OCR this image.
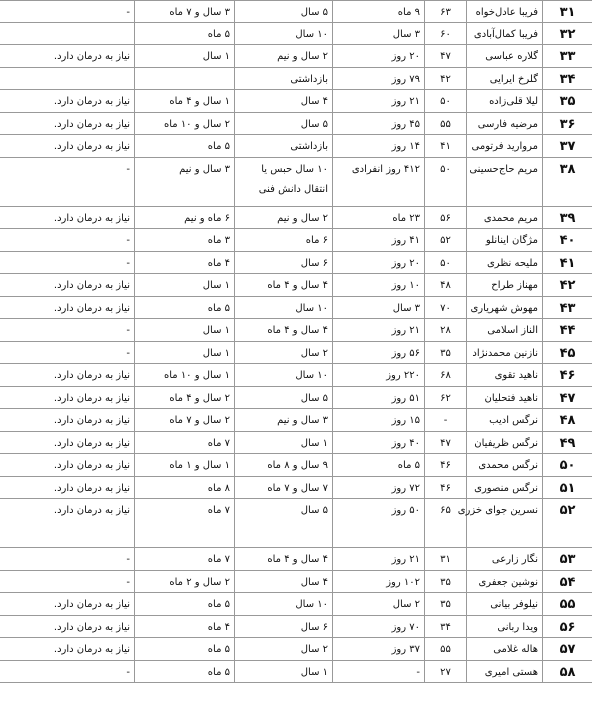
۳۱
فریبا عادل‌خواه
۶۳
۹ ماه
۵ سال
۳ سال و ۷ ماه
-
۳۲
فریبا کمال‌آبادی
۶۰
۳ سال
۱۰ سال
۵ ماه
۳۳
گلاره عباسی
۴۷
۲۰ روز
۲ سال و نیم
۱ سال
نیاز به درمان دارد.
۳۴
گلرخ ایرایی
۴۲
۷۹ روز
بازداشتی
۳۵
لیلا قلی‌زاده
۵۰
۲۱ روز
۴ سال
۱ سال و ۴ ماه
نیاز به درمان دارد.
۳۶
مرضیه فارسی
۵۵
۴۵ روز
۵ سال
۲ سال و ۱۰ ماه
نیاز به درمان دارد.
۳۷
مروارید فرتومی
۴۱
۱۴ روز
بازداشتی
۵ ماه
نیاز به درمان دارد.
۳۸
مریم حاج‌حسینی
۵۰
۴۱۲ روز انفرادی
۱۰ سال حبس یا انتقال دانش فنی
۳ سال و نیم
-
۳۹
مریم محمدی
۵۶
۲۳ ماه
۲ سال و نیم
۶ ماه و نیم
نیاز به درمان دارد.
۴۰
مژگان اینانلو
۵۲
۴۱ روز
۶ ماه
۳ ماه
-
۴۱
ملیحه نظری
۵۰
۲۰ روز
۶ سال
۴ ماه
-
۴۲
مهناز طراح
۴۸
۱۰ روز
۴ سال و ۴ ماه
۱ سال
نیاز به درمان دارد.
۴۳
مهوش شهریاری
۷۰
۳ سال
۱۰ سال
۵ ماه
نیاز به درمان دارد.
۴۴
الناز اسلامی
۲۸
۲۱ روز
۴ سال و ۴ ماه
۱ سال
-
۴۵
نازنین محمدنژاد
۳۵
۵۶ روز
۲ سال
۱ سال
-
۴۶
ناهید تقوی
۶۸
۲۲۰ روز
۱۰ سال
۱ سال و ۱۰ ماه
نیاز به درمان دارد.
۴۷
ناهید فتحلیان
۶۲
۵۱ روز
۵ سال
۲ سال و ۴ ماه
نیاز به درمان دارد.
۴۸
نرگس ادیب
-
۱۵ روز
۳ سال و نیم
۲ سال و ۷ ماه
نیاز به درمان دارد.
۴۹
نرگس ظریفیان
۴۷
۴۰ روز
۱ سال
۷ ماه
نیاز به درمان دارد.
۵۰
نرگس محمدی
۴۶
۵ ماه
۹ سال و ۸ ماه
۱ سال و ۱ ماه
نیاز به درمان دارد.
۵۱
نرگس منصوری
۴۶
۷۲ روز
۷ سال و ۷ ماه
۸ ماه
نیاز به درمان دارد.
۵۲
نسرین جوای خزری
۶۵
۵۰ روز
۵ سال
۷ ماه
نیاز به درمان دارد.
۵۳
نگار زارعی
۳۱
۲۱ روز
۴ سال و ۴ ماه
۷ ماه
-
۵۴
نوشین جعفری
۳۵
۱۰۲ روز
۴ سال
۲ سال و ۲ ماه
-
۵۵
نیلوفر بیانی
۳۵
۲ سال
۱۰ سال
۵ ماه
نیاز به درمان دارد.
۵۶
ویدا ربانی
۳۴
۷۰ روز
۶ سال
۴ ماه
نیاز به درمان دارد.
۵۷
هاله غلامی
۵۵
۳۷ روز
۲ سال
۵ ماه
نیاز به درمان دارد.
۵۸
هستی امیری
۲۷
-
۱ سال
۵ ماه
-
